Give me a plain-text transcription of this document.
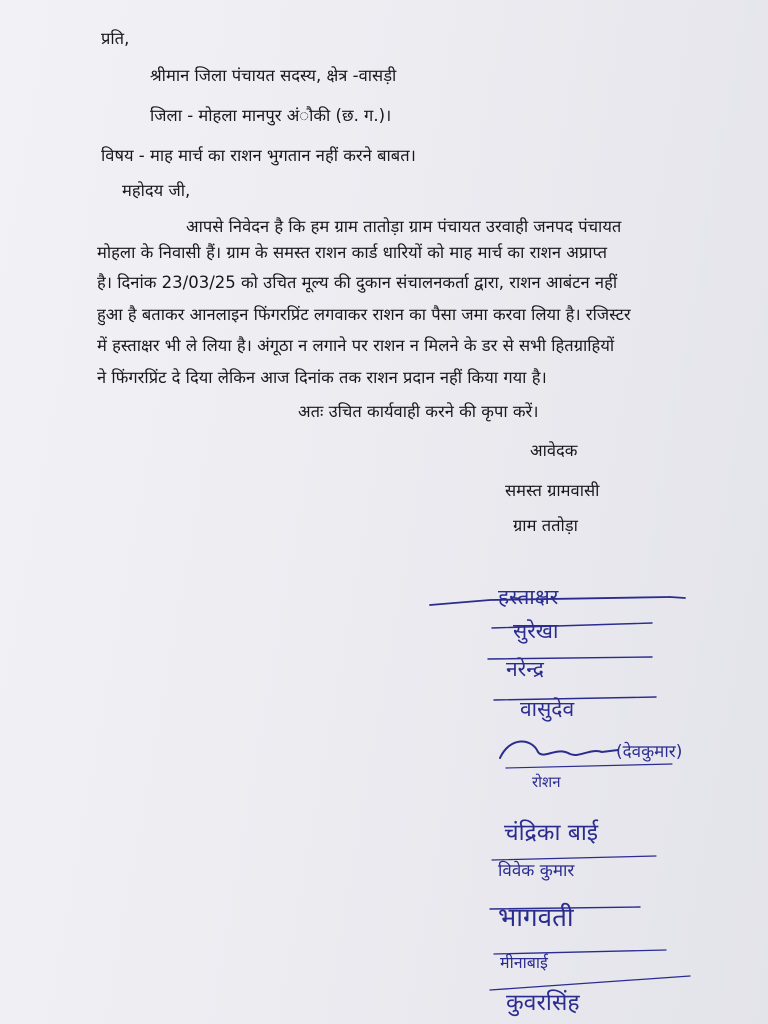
प्रति,
श्रीमान जिला पंचायत सदस्य, क्षेत्र -वासड़ी
जिला - मोहला मानपुर अं◌ौकी (छ. ग.)।
विषय - माह मार्च का राशन भुगतान नहीं करने बाबत।
महोदय जी,
आपसे निवेदन है कि हम ग्राम तातोड़ा ग्राम पंचायत उरवाही जनपद पंचायत
मोहला के निवासी हैं। ग्राम के समस्त राशन कार्ड धारियों को माह मार्च का राशन अप्राप्त
है। दिनांक 23/03/25 को उचित मूल्य की दुकान संचालनकर्ता द्वारा, राशन आबंटन नहीं
हुआ है बताकर आनलाइन फिंगरप्रिंट लगवाकर राशन का पैसा जमा करवा लिया है। रजिस्टर
में हस्ताक्षर भी ले लिया है। अंगूठा न लगाने पर राशन न मिलने के डर से सभी हितग्राहियों
ने फिंगरप्रिंट दे दिया लेकिन आज दिनांक तक राशन प्रदान नहीं किया गया है।
अतः उचित कार्यवाही करने की कृपा करें।
आवेदक
समस्त ग्रामवासी
ग्राम ततोड़ा
हस्ताक्षर
सुरेखा
नरेन्द्र
वासुदेव
(देवकुमार)
रोशन
चंद्रिका बाई
विवेक कुमार
भागवती
मीनाबाई
कुवरसिंह
